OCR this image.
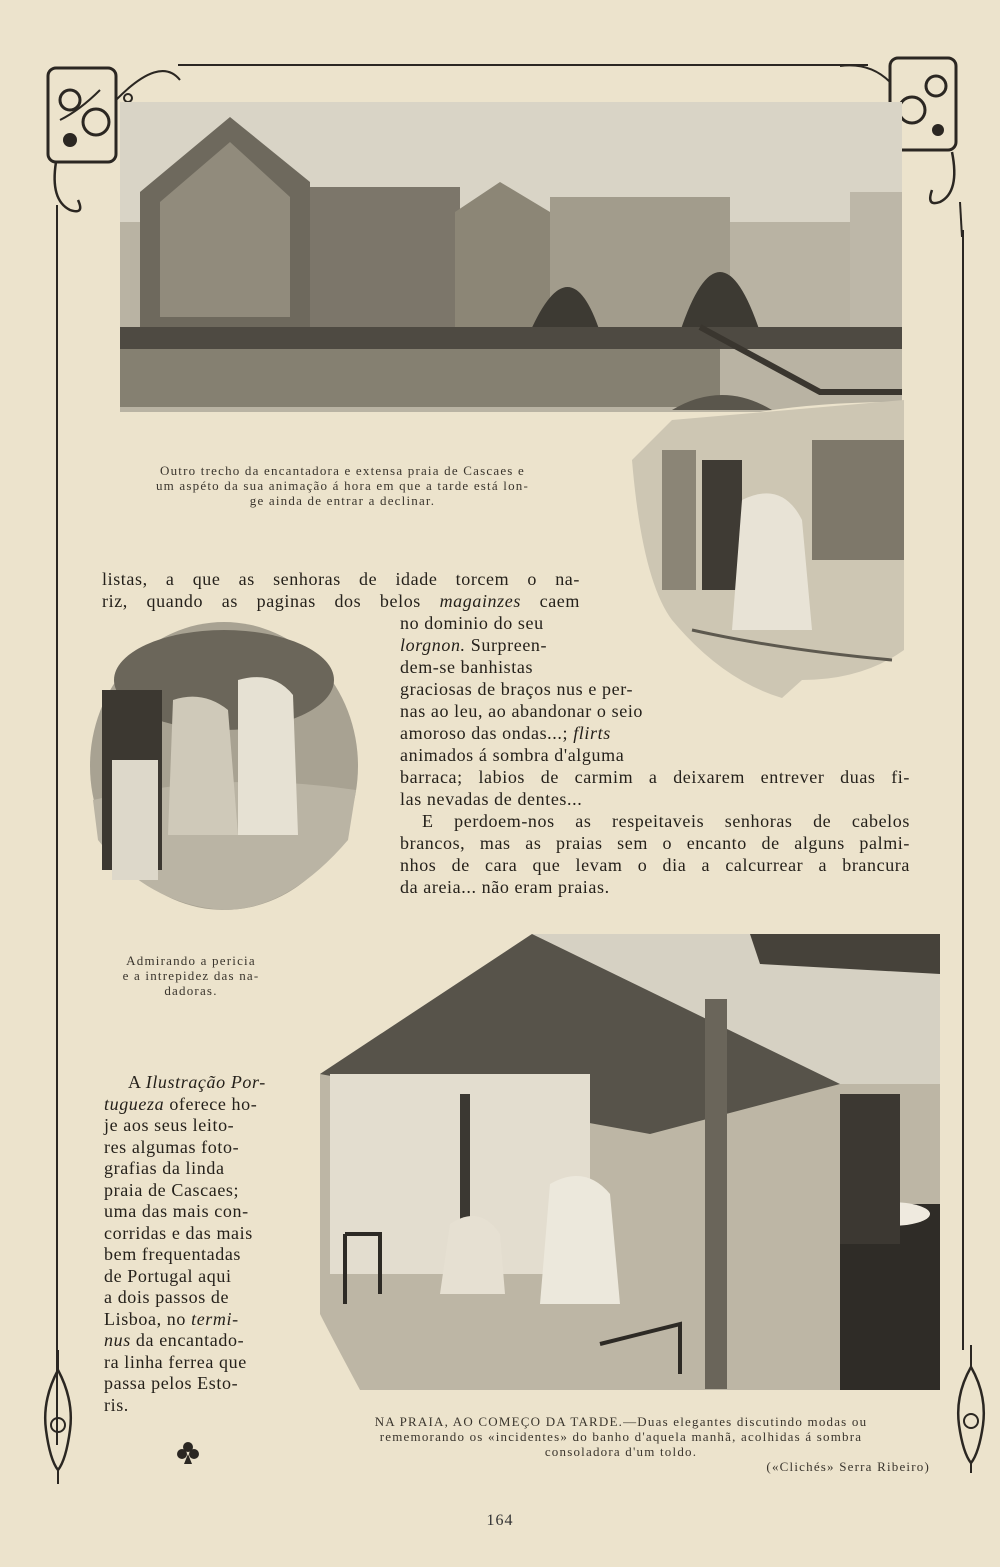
Outro trecho da encantadora e extensa praia de Cascaes e
um aspéto da sua animação á hora em que a tarde está lon-
ge ainda de entrar a declinar.
Admirando a pericia
e a intrepidez das na-
dadoras.

listas, a que as senhoras de idade torcem o na-

riz, quando as paginas dos belos magainzes caem

no dominio do seu

lorgnon. Surpreen-

dem-se banhistas

graciosas de braços nus e per-

nas ao leu, ao abandonar o seio

amoroso das ondas...; flirts

animados á sombra d'alguma

barraca; labios de carmim a deixarem entrever duas fi-

las nevadas de dentes...

E perdoem-nos as respeitaveis senhoras de cabelos

brancos, mas as praias sem o encanto de alguns palmi-

nhos de cara que levam o dia a calcurrear a brancura

da areia... não eram praias.

A Ilustração Por-

tugueza oferece ho-

je aos seus leito-

res algumas foto-

grafias da linda

praia de Cascaes;

uma das mais con-

corridas e das mais

bem frequentadas

de Portugal aqui

a dois passos de

Lisboa, no termi-

nus da encantado-

ra linha ferrea que

passa pelos Esto-

ris.

NA PRAIA, AO COMEÇO DA TARDE.—Duas elegantes discutindo modas ou
rememorando os «incidentes» do banho d'aquela manhã, acolhidas á sombra
consoladora d'um toldo.
(«Clichés» Serra Ribeiro)
164
